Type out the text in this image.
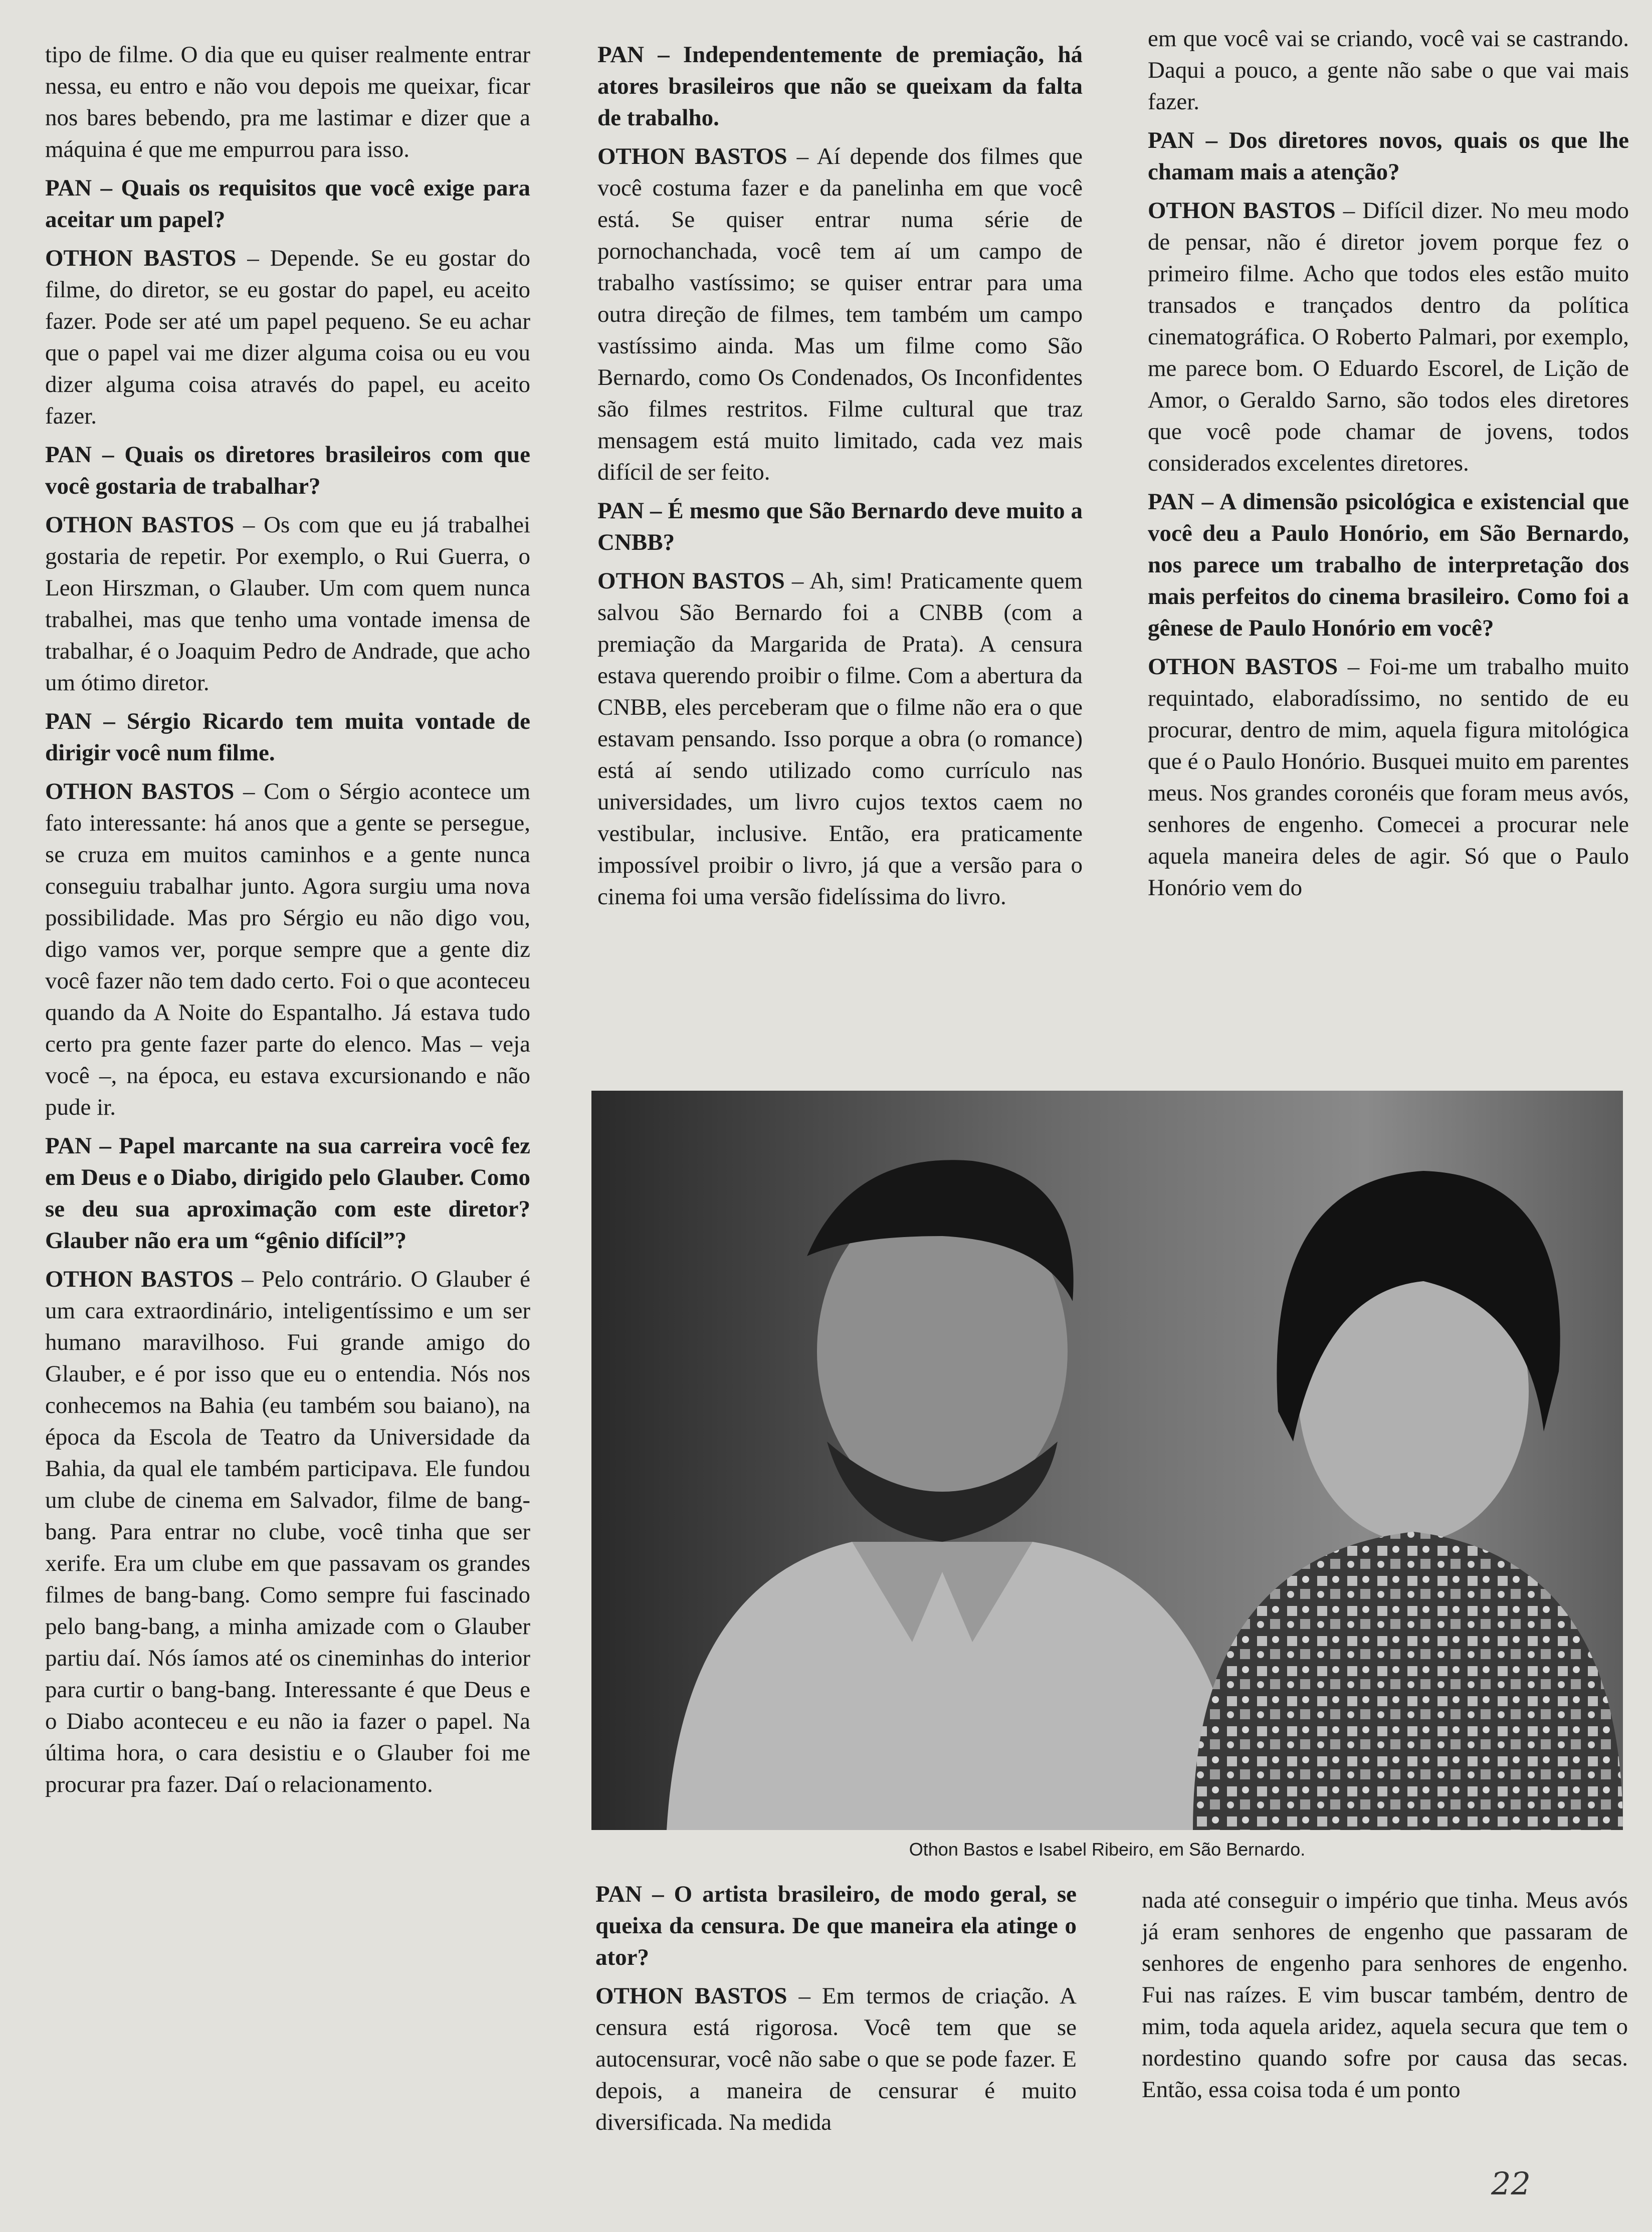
tipo de filme. O dia que eu quiser realmente entrar nessa, eu entro e não vou depois me queixar, ficar nos bares bebendo, pra me lastimar e dizer que a máquina é que me empurrou para isso.

PAN – Quais os requisitos que você exige para aceitar um papel?

OTHON BASTOS – Depende. Se eu gostar do filme, do diretor, se eu gostar do papel, eu aceito fazer. Pode ser até um papel pequeno. Se eu achar que o papel vai me dizer alguma coisa ou eu vou dizer alguma coisa através do papel, eu aceito fazer.

PAN – Quais os diretores brasileiros com que você gostaria de trabalhar?

OTHON BASTOS – Os com que eu já trabalhei gostaria de repetir. Por exemplo, o Rui Guerra, o Leon Hirszman, o Glauber. Um com quem nunca trabalhei, mas que tenho uma vontade imensa de trabalhar, é o Joaquim Pedro de Andrade, que acho um ótimo diretor.

PAN – Sérgio Ricardo tem muita vontade de dirigir você num filme.

OTHON BASTOS – Com o Sérgio acontece um fato interessante: há anos que a gente se persegue, se cruza em muitos caminhos e a gente nunca conseguiu trabalhar junto. Agora surgiu uma nova possibilidade. Mas pro Sérgio eu não digo vou, digo vamos ver, porque sempre que a gente diz você fazer não tem dado certo. Foi o que aconteceu quando da A Noite do Espantalho. Já estava tudo certo pra gente fazer parte do elenco. Mas – veja você –, na época, eu estava excursionando e não pude ir.

PAN – Papel marcante na sua carreira você fez em Deus e o Diabo, dirigido pelo Glauber. Como se deu sua aproximação com este diretor? Glauber não era um “gênio difícil”?

OTHON BASTOS – Pelo contrário. O Glauber é um cara extraordinário, inteligentíssimo e um ser humano maravilhoso. Fui grande amigo do Glauber, e é por isso que eu o entendia. Nós nos conhecemos na Bahia (eu também sou baiano), na época da Escola de Teatro da Universidade da Bahia, da qual ele também participava. Ele fundou um clube de cinema em Salvador, filme de bang-bang. Para entrar no clube, você tinha que ser xerife. Era um clube em que passavam os grandes filmes de bang-bang. Como sempre fui fascinado pelo bang-bang, a minha amizade com o Glauber partiu daí. Nós íamos até os cineminhas do interior para curtir o bang-bang. Interessante é que Deus e o Diabo aconteceu e eu não ia fazer o papel. Na última hora, o cara desistiu e o Glauber foi me procurar pra fazer. Daí o relacionamento.

PAN – Independentemente de premiação, há atores brasileiros que não se queixam da falta de trabalho.

OTHON BASTOS – Aí depende dos filmes que você costuma fazer e da panelinha em que você está. Se quiser entrar numa série de pornochanchada, você tem aí um campo de trabalho vastíssimo; se quiser entrar para uma outra direção de filmes, tem também um campo vastíssimo ainda. Mas um filme como São Bernardo, como Os Condenados, Os Inconfidentes são filmes restritos. Filme cultural que traz mensagem está muito limitado, cada vez mais difícil de ser feito.

PAN – É mesmo que São Bernardo deve muito a CNBB?

OTHON BASTOS – Ah, sim! Praticamente quem salvou São Bernardo foi a CNBB (com a premiação da Margarida de Prata). A censura estava querendo proibir o filme. Com a abertura da CNBB, eles perceberam que o filme não era o que estavam pensando. Isso porque a obra (o romance) está aí sendo utilizado como currículo nas universidades, um livro cujos textos caem no vestibular, inclusive. Então, era praticamente impossível proibir o livro, já que a versão para o cinema foi uma versão fidelíssima do livro.

em que você vai se criando, você vai se castrando. Daqui a pouco, a gente não sabe o que vai mais fazer.

PAN – Dos diretores novos, quais os que lhe chamam mais a atenção?

OTHON BASTOS – Difícil dizer. No meu modo de pensar, não é diretor jovem porque fez o primeiro filme. Acho que todos eles estão muito transados e trançados dentro da política cinematográfica. O Roberto Palmari, por exemplo, me parece bom. O Eduardo Escorel, de Lição de Amor, o Geraldo Sarno, são todos eles diretores que você pode chamar de jovens, todos considerados excelentes diretores.

PAN – A dimensão psicológica e existencial que você deu a Paulo Honório, em São Bernardo, nos parece um trabalho de interpretação dos mais perfeitos do cinema brasileiro. Como foi a gênese de Paulo Honório em você?

OTHON BASTOS – Foi-me um trabalho muito requintado, elaboradíssimo, no sentido de eu procurar, dentro de mim, aquela figura mitológica que é o Paulo Honório. Busquei muito em parentes meus. Nos grandes coronéis que foram meus avós, senhores de engenho. Comecei a procurar nele aquela maneira deles de agir. Só que o Paulo Honório vem do

Othon Bastos e Isabel Ribeiro, em São Bernardo.

PAN – O artista brasileiro, de modo geral, se queixa da censura. De que maneira ela atinge o ator?

OTHON BASTOS – Em termos de criação. A censura está rigorosa. Você tem que se autocensurar, você não sabe o que se pode fazer. E depois, a maneira de censurar é muito diversificada. Na medida

nada até conseguir o império que tinha. Meus avós já eram senhores de engenho que passaram de senhores de engenho para senhores de engenho. Fui nas raízes. E vim buscar também, dentro de mim, toda aquela aridez, aquela secura que tem o nordestino quando sofre por causa das secas. Então, essa coisa toda é um ponto

22
